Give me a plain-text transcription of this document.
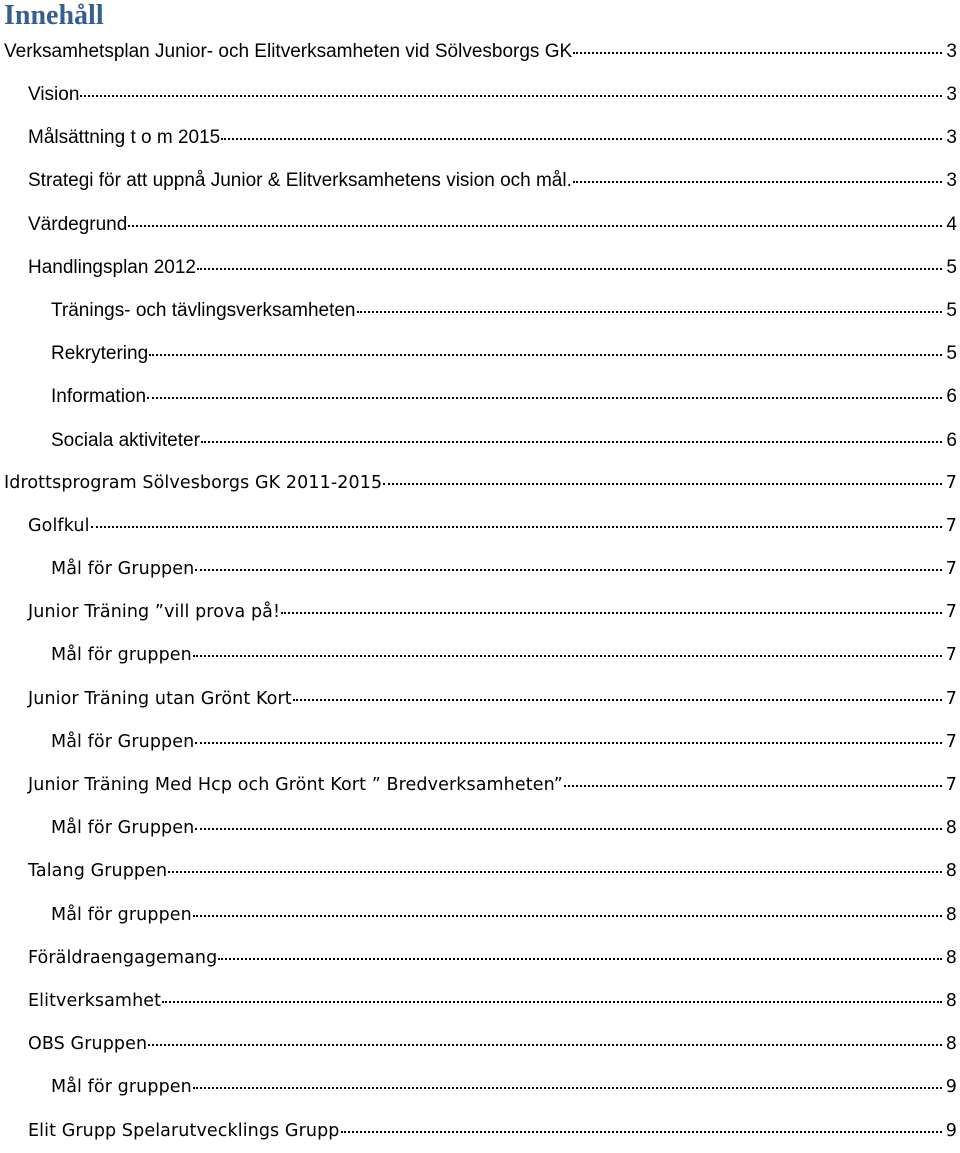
Innehåll
Verksamhetsplan Junior- och Elitverksamheten vid Sölvesborgs GK	3
Vision	3
Målsättning t o m 2015	3
Strategi för att uppnå Junior & Elitverksamhetens vision och mål.	3
Värdegrund	4
Handlingsplan 2012	5
Tränings- och tävlingsverksamheten	5
Rekrytering	5
Information	6
Sociala aktiviteter	6
Idrottsprogram Sölvesborgs GK 2011-2015	7
Golfkul	7
Mål för Gruppen	7
Junior Träning ”vill prova på!	7
Mål för gruppen	7
Junior Träning utan Grönt Kort	7
Mål för Gruppen	7
Junior Träning Med Hcp och Grönt Kort ” Bredverksamheten”	7
Mål för Gruppen	8
Talang Gruppen	8
Mål för gruppen	8
Föräldraengagemang	8
Elitverksamhet	8
OBS Gruppen	8
Mål för gruppen	9
Elit Grupp Spelarutvecklings Grupp	9
